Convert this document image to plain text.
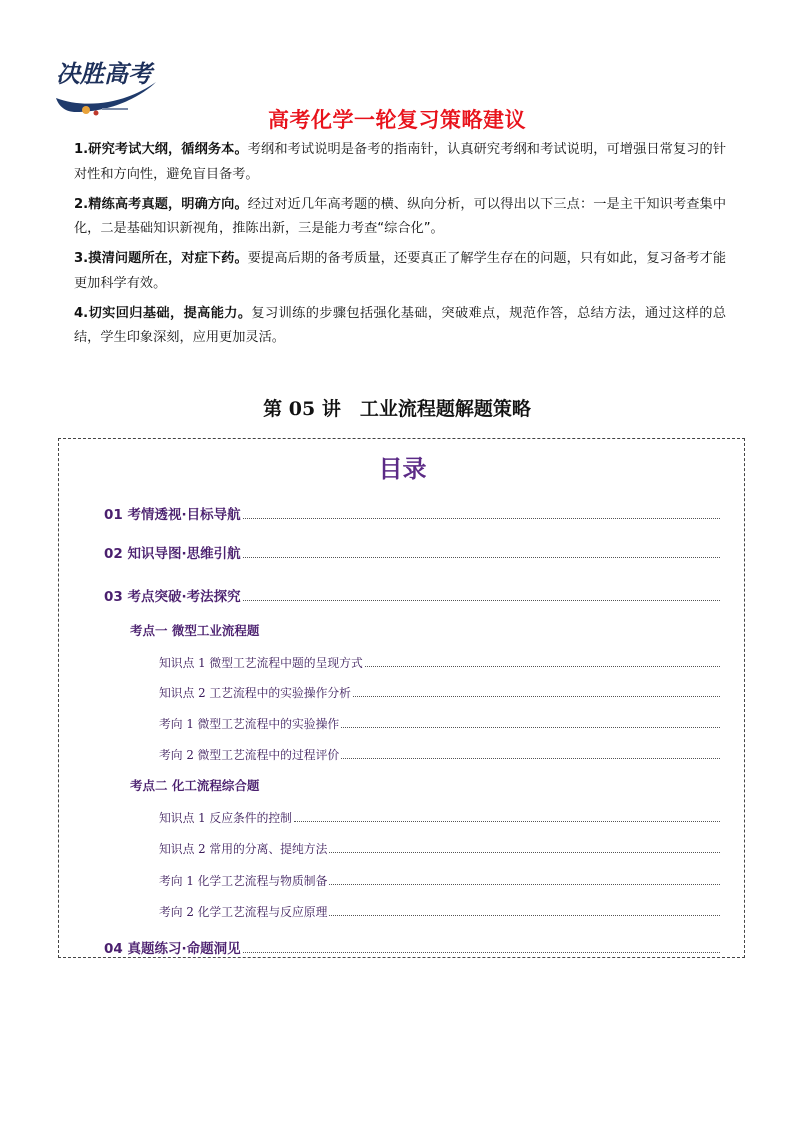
决胜高考
高考化学一轮复习策略建议

1.研究考试大纲，循纲务本。考纲和考试说明是备考的指南针，认真研究考纲和考试说明，可增强日常复习的针对性和方向性，避免盲目备考。

2.精练高考真题，明确方向。经过对近几年高考题的横、纵向分析，可以得出以下三点：一是主干知识考查集中化，二是基础知识新视角，推陈出新，三是能力考查“综合化”。

3.摸清问题所在，对症下药。要提高后期的备考质量，还要真正了解学生存在的问题，只有如此，复习备考才能更加科学有效。

4.切实回归基础，提高能力。复习训练的步骤包括强化基础，突破难点，规范作答，总结方法，通过这样的总结，学生印象深刻，应用更加灵活。

第 05 讲　 工业流程题解题策略
目录
01 考情透视·目标导航
02 知识导图·思维引航
03 考点突破·考法探究
考点一 微型工业流程题
知识点 1 微型工艺流程中题的呈现方式
知识点 2 工艺流程中的实验操作分析
考向 1 微型工艺流程中的实验操作
考向 2 微型工艺流程中的过程评价
考点二 化工流程综合题
知识点 1 反应条件的控制
知识点 2 常用的分离、提纯方法
考向 1 化学工艺流程与物质制备
考向 2 化学工艺流程与反应原理
04 真题练习·命题洞见
